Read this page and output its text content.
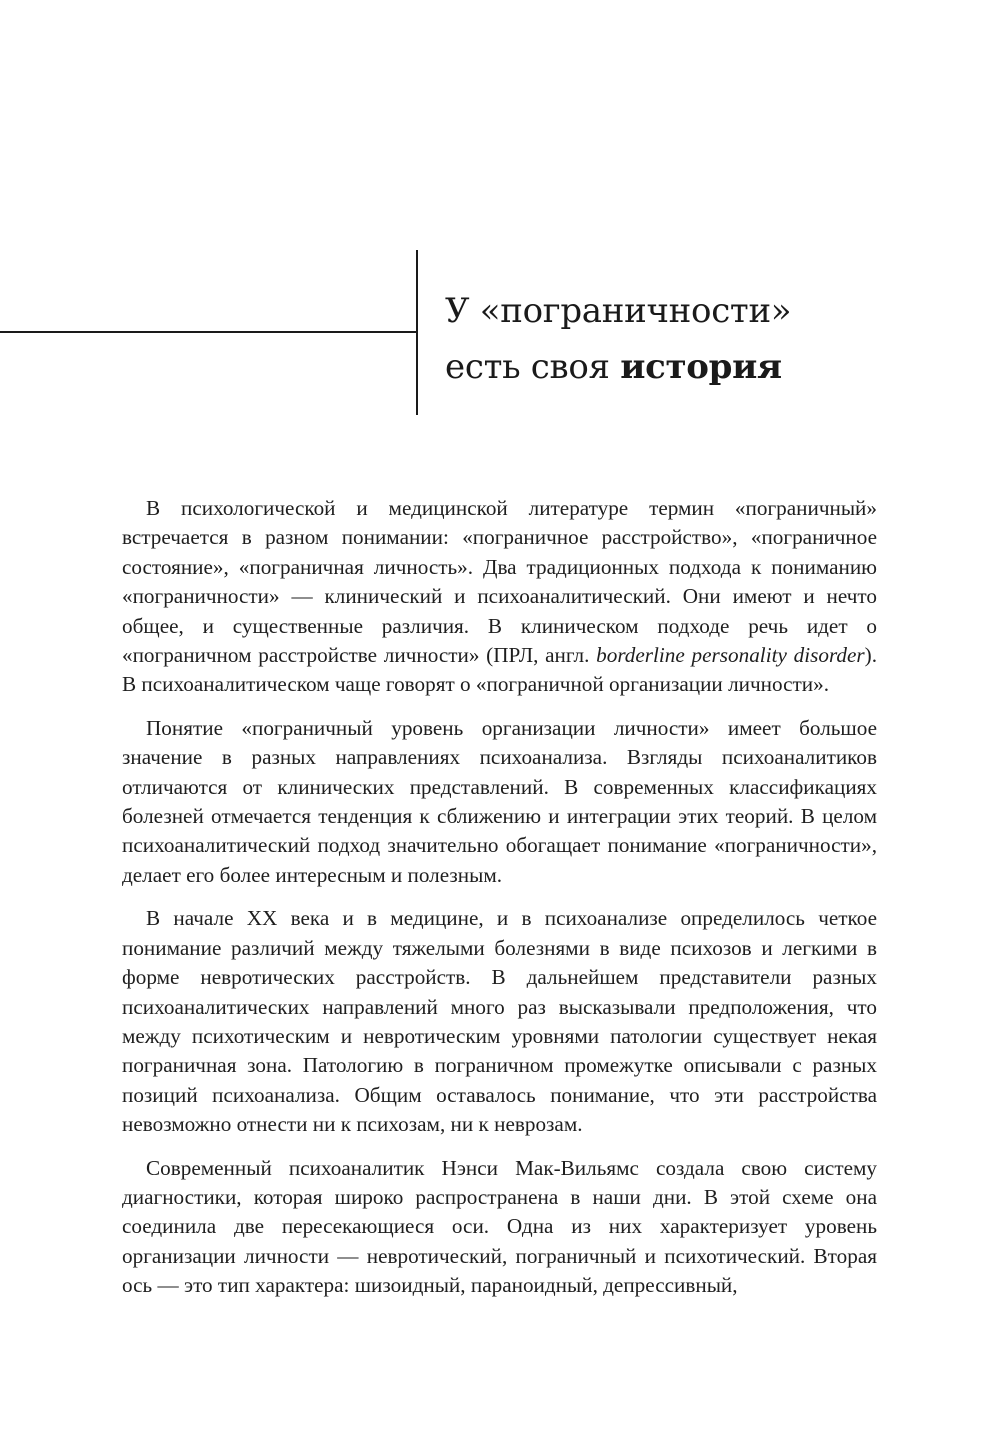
У «пограничности»
есть своя история

В психологической и медицинской литературе термин «пограничный» встречается в разном понимании: «пограничное расстройство», «пограничное состояние», «пограничная личность». Два традиционных подхода к пониманию «пограничности» — клинический и психоаналитический. Они имеют и нечто общее, и существенные различия. В клиническом подходе речь идет о «пограничном расстройстве личности» (ПРЛ, англ. borderline personality disorder). В психоаналитическом чаще говорят о «пограничной организации личности».

Понятие «пограничный уровень организации личности» имеет большое значение в разных направлениях психоанализа. Взгляды психоаналитиков отличаются от клинических представлений. В современных классификациях болезней отмечается тенденция к сближению и интеграции этих теорий. В целом психоаналитический подход значительно обогащает понимание «пограничности», делает его более интересным и полезным.

В начале XX века и в медицине, и в психоанализе определилось четкое понимание различий между тяжелыми болезнями в виде психозов и легкими в форме невротических расстройств. В дальнейшем представители разных психоаналитических направлений много раз высказывали предположения, что между психотическим и невротическим уровнями патологии существует некая пограничная зона. Патологию в пограничном промежутке описывали с разных позиций психоанализа. Общим оставалось понимание, что эти расстройства невозможно отнести ни к психозам, ни к неврозам.

Современный психоаналитик Нэнси Мак-Вильямс создала свою систему диагностики, которая широко распространена в наши дни. В этой схеме она соединила две пересекающиеся оси. Одна из них характеризует уровень организации личности — невротический, пограничный и психотический. Вторая ось — это тип характера: шизоидный, параноидный, депрессивный,
